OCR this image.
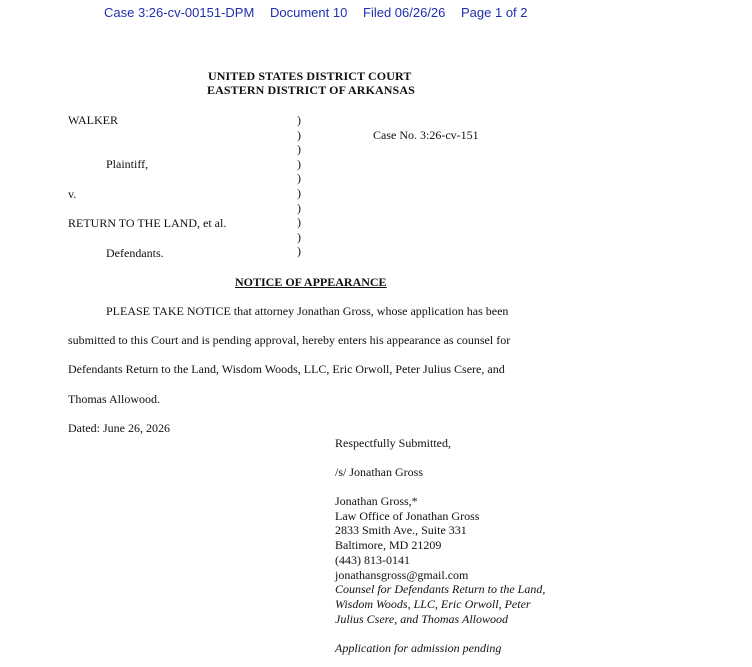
Case 3:26-cv-00151-DPM Document 10 Filed 06/26/26 Page 1 of 2
UNITED STATES DISTRICT COURT
EASTERN DISTRICT OF ARKANSAS
WALKER
Plaintiff,
v.
RETURN TO THE LAND, et al.
Defendants.
)
)
)
)
)
)
)
)
)
)
Case No. 3:26-cv-151
NOTICE OF APPEARANCE
PLEASE TAKE NOTICE that attorney Jonathan Gross, whose application has been
submitted to this Court and is pending approval, hereby enters his appearance as counsel for
Defendants Return to the Land, Wisdom Woods, LLC, Eric Orwoll, Peter Julius Csere, and
Thomas Allowood.
Dated: June 26, 2026
Respectfully Submitted,
/s/ Jonathan Gross
Jonathan Gross,*
Law Office of Jonathan Gross
2833 Smith Ave., Suite 331
Baltimore, MD 21209
(443) 813-0141
jonathansgross@gmail.com
Counsel for Defendants Return to the Land,
Wisdom Woods, LLC, Eric Orwoll, Peter
Julius Csere, and Thomas Allowood
Application for admission pending
